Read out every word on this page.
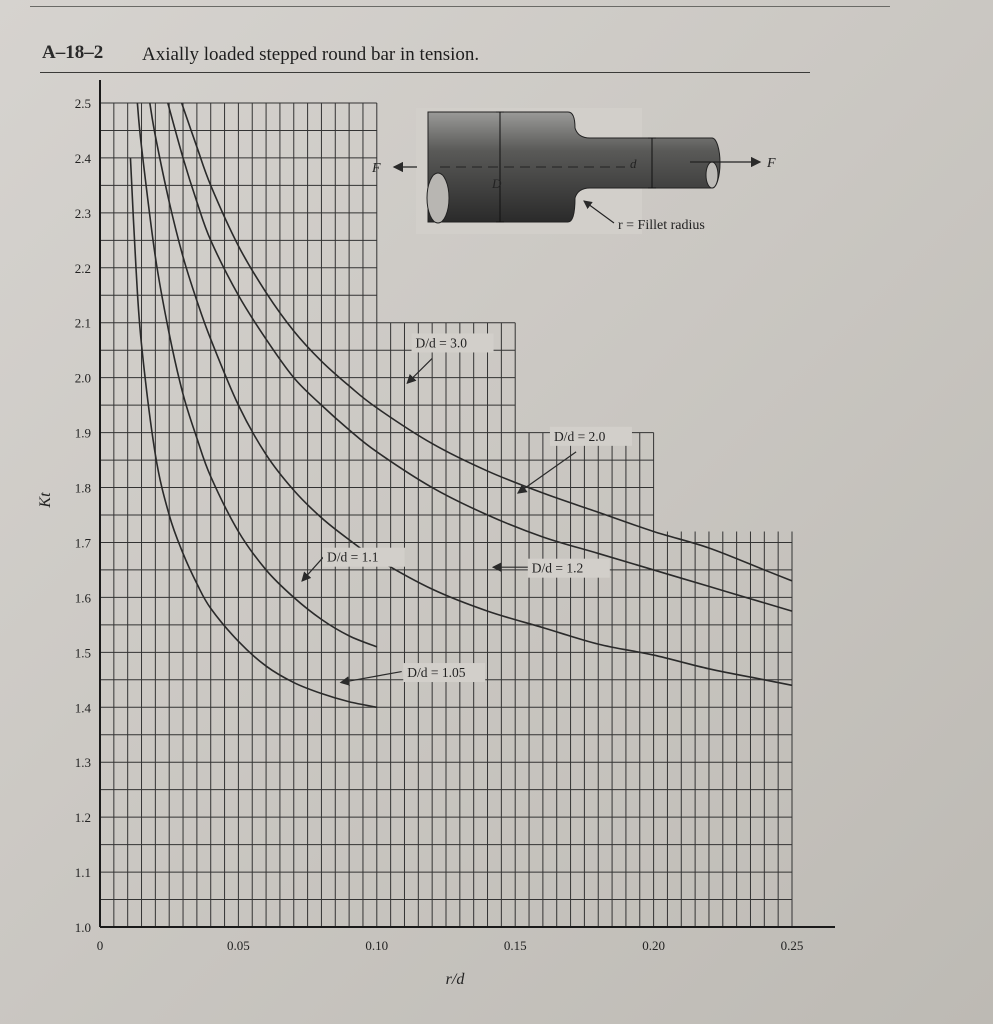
A–18–2 Axially loaded stepped round bar in tension.
0	0.05	0.10	0.15	0.20	0.25
1.0
1.1
1.2
1.3
1.4
1.5
1.6
1.7
1.8
1.9
2.0
2.1
2.2
2.3
2.4
2.5
r/d
Kt
D/d = 3.0
D/d = 2.0
D/d = 1.2
D/d = 1.1
D/d = 1.05
F	F
D
d
r = Fillet radius
